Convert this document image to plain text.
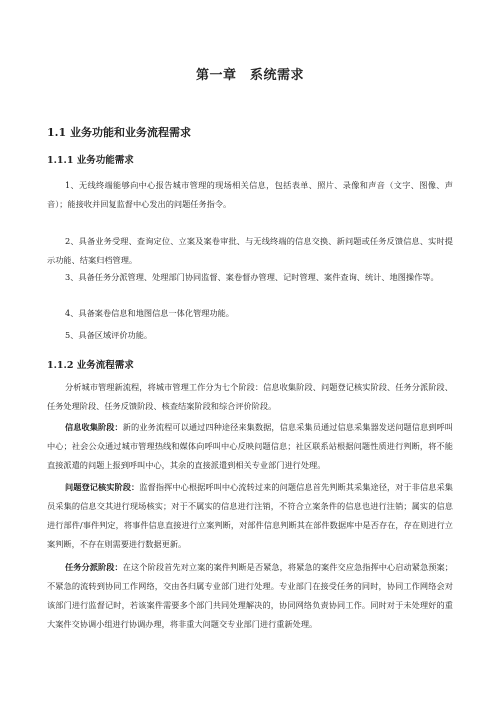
第一章　系统需求
1.1 业务功能和业务流程需求
1.1.1 业务功能需求
1、无线终端能够向中心报告城市管理的现场相关信息，包括表单、照片、录像和声音（文字、图像、声音）；能接收并回复监督中心发出的问题任务指令。
2、具备业务受理、查询定位、立案及案卷审批、与无线终端的信息交换、新问题或任务反馈信息、实时提示功能、结案归档管理。
3、具备任务分派管理、处理部门协同监督、案卷督办管理、记时管理、案件查询、统计、地图操作等。
4、具备案卷信息和地图信息一体化管理功能。
5、具备区域评价功能。
1.1.2 业务流程需求
分析城市管理新流程，将城市管理工作分为七个阶段：信息收集阶段、问题登记核实阶段、任务分派阶段、任务处理阶段、任务反馈阶段、核查结案阶段和综合评价阶段。
信息收集阶段：新的业务流程可以通过四种途径来集数据，信息采集员通过信息采集器发送问题信息到呼叫中心；社会公众通过城市管理热线和媒体向呼叫中心反映问题信息；社区联系站根据问题性质进行判断，将不能直接派遣的问题上报到呼叫中心，其余的直接派遣到相关专业部门进行处理。
问题登记核实阶段：监督指挥中心根据呼叫中心流转过来的问题信息首先判断其采集途径，对于非信息采集员采集的信息交其进行现场核实；对于不属实的信息进行注销，不符合立案条件的信息也进行注销；属实的信息进行部件/事件判定，将事件信息直接进行立案判断，对部件信息判断其在部件数据库中是否存在，存在则进行立案判断，不存在则需要进行数据更新。
任务分派阶段：在这个阶段首先对立案的案件判断是否紧急，将紧急的案件交应急指挥中心启动紧急预案；不紧急的流转到协同工作网络，交由各归属专业部门进行处理。专业部门在接受任务的同时，协同工作网络会对该部门进行监督记时，若该案件需要多个部门共同处理解决的，协同网络负责协同工作。同时对于未处理好的重大案件交协调小组进行协调办理，将非重大问题交专业部门进行重新处理。
